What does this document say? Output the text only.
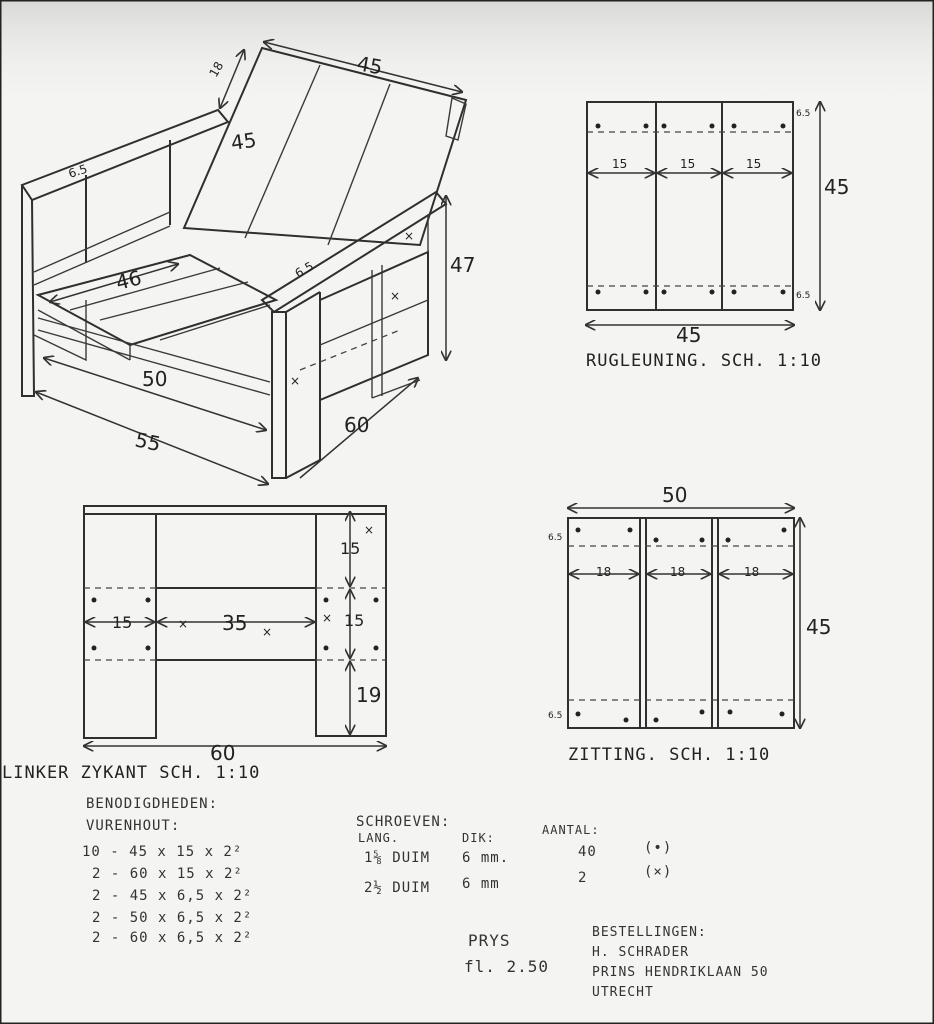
×
×
×
45
45
18
6.5
6.5
46
50
55
60
47
15	15	15
45
45
6.5
6.5
RUGLEUNING. SCH. 1:10
×
×
×
×
15	35
15
15
19
60
LINKER ZYKANT SCH. 1:10
18	18	18
50
45
6.5
6.5
ZITTING. SCH. 1:10
BENODIGDHEDEN:
VURENHOUT:
10 - 45 x 15 x 2²
2 - 60 x 15 x 2²
2 - 45 x 6,5 x 2²
2 - 50 x 6,5 x 2²
2 - 60 x 6,5 x 2²
SCHROEVEN:
LANG.	DIK:
AANTAL:
1⅝ DUIM 6 mm.	40	(•)
2½ DUIM 6 mm	2	(×)
PRYS
fl. 2.50
BESTELLINGEN:
H. SCHRADER
PRINS HENDRIKLAAN 50
UTRECHT
